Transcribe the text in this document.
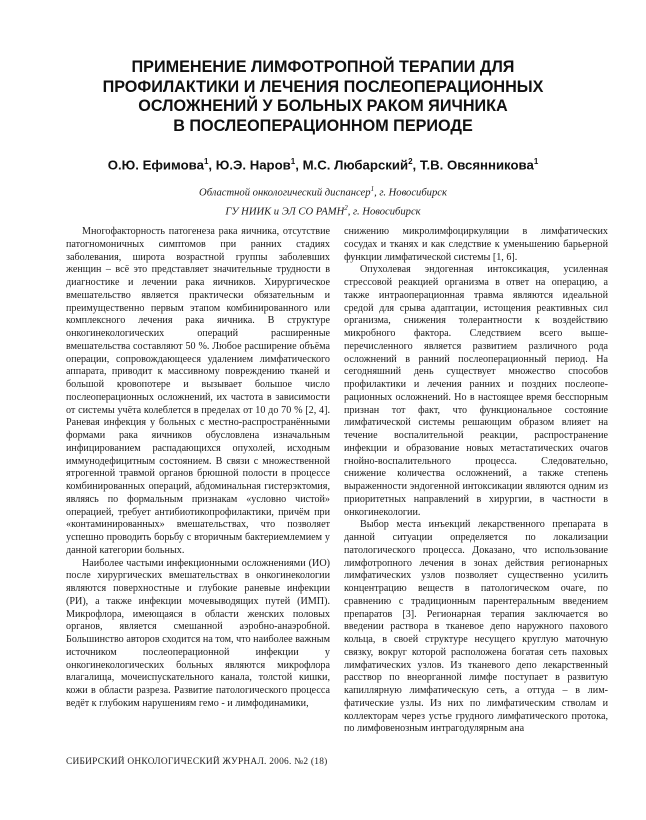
ПРИМЕНЕНИЕ ЛИМФОТРОПНОЙ ТЕРАПИИ ДЛЯ
ПРОФИЛАКТИКИ И ЛЕЧЕНИЯ ПОСЛЕОПЕРАЦИОННЫХ
ОСЛОЖНЕНИЙ У БОЛЬНЫХ РАКОМ ЯИЧНИКА
В ПОСЛЕОПЕРАЦИОННОМ ПЕРИОДЕ
О.Ю. Ефимова$^1$, Ю.Э. Наров$^1$, М.С. Любарский$^2$, Т.В. Овсянникова$^1$
Областной онкологический диспансер$^1$, г. Новосибирск
ГУ НИИК и ЭЛ СО РАМН$^2$, г. Новосибирск

Многофакторность патогенеза рака яичника, отсутствие патогномоничных симптомов при ранних стадиях заболевания, широта возрастной группы заболевших женщин – всё это представляет значительные трудности в диагностике и лечении рака яичников. Хирургическое вмешательство является практически обязательным и преимущественно первым этапом комбинированного или комплексного лечения рака яичника. В структуре онкогинекологических операций расширенные вмешательства составляют 50 %. Любое расширение объёма операции, сопровождающееся удалением лимфатического аппарата, приводит к массивному повреждению тканей и большой кровопотере и вызывает большое число послеоперационных осложнений, их частота в зависимости от системы учёта колеблется в пределах от 10 до 70 % [2, 4]. Раневая инфекция у больных с местно-распространёнными формами рака яичников обусловлена изначальным инфицированием распадающихся опухолей, исходным иммунодефицитным состоянием. В связи с множественной ятрогенной травмой органов брюшной полости в процессе комбинированных операций, абдоминальная гистерэктомия, являясь по формальным признакам «условно чистой» операцией, требует антибиотикопрофилактики, причём при «контаминированных» вмешательствах, что позволяет успешно проводить борьбу с вторичным бактериемлемием у данной категории больных.

Наиболее частыми инфекционными осложнениями (ИО) после хирургических вмешательствах в онкогинекологии являются поверхностные и глубокие раневые инфекции (РИ), а также инфекции мочевыводящих путей (ИМП). Микрофлора, имеющаяся в области женских половых органов, является смешанной аэробно-анаэробной. Большинство авторов сходится на том, что наиболее важным источником послеоперационной инфекции у онкогинекологических больных являются микрофлора влагалища, мочеиспускательного канала, толстой кишки, кожи в области разреза. Развитие патологического процесса ведёт к глубоким нарушениям гемо - и лимфодинамики,

снижению микролимфоциркуляции в лимфатических сосудах и тканях и как следствие к уменьшению барьерной функции лимфатической системы [1, 6].

Опухолевая эндогенная интоксикация, усиленная стрессовой реакцией организма в ответ на операцию, а также интраоперационная травма являются идеальной средой для срыва адаптации, истощения реактивных сил организма, снижения толерантности к воздействию микробного фактора. Следствием всего вышеперечисленного является развитием различного рода осложнений в ранний послеоперационный период. На сегодняшний день существует множество способов профилактики и лечения ранних и поздних послеоперационных осложнений. Но в настоящее время бесспорным признан тот факт, что функциональное состояние лимфатической системы решающим образом влияет на течение воспалительной реакции, распространение инфекции и образование новых метастатических очагов гнойно-воспалительного процесса. Следовательно, снижение количества осложнений, а также степень выраженности эндогенной интоксикации являются одним из приоритетных направлений в хирургии, в частности в онкогинекологии.

Выбор места инъекций лекарственного препарата в данной ситуации определяется по локализации патологического процесса. Доказано, что использование лимфотропного лечения в зонах действия регионарных лимфатических узлов позволяет существенно усилить концентрацию веществ в патологическом очаге, по сравнению с традиционным парентеральным введением препаратов [3]. Регионарная терапия заключается во введении раствора в тканевое депо наружного пахового кольца, в своей структуре несущего круглую маточную связку, вокруг которой расположена богатая сеть паховых лимфатических узлов. Из тканевого депо лекарственный расствор по внеорганной лимфе поступает в развитую капиллярную лимфатическую сеть, а оттуда – в лимфатические узлы. Из них по лимфатическим стволам и коллекторам через устье грудного лимфатического протока, по лимфовенозным интрагодулярным ана

СИБИРСКИЙ ОНКОЛОГИЧЕСКИЙ ЖУРНАЛ. 2006. №2 (18)
